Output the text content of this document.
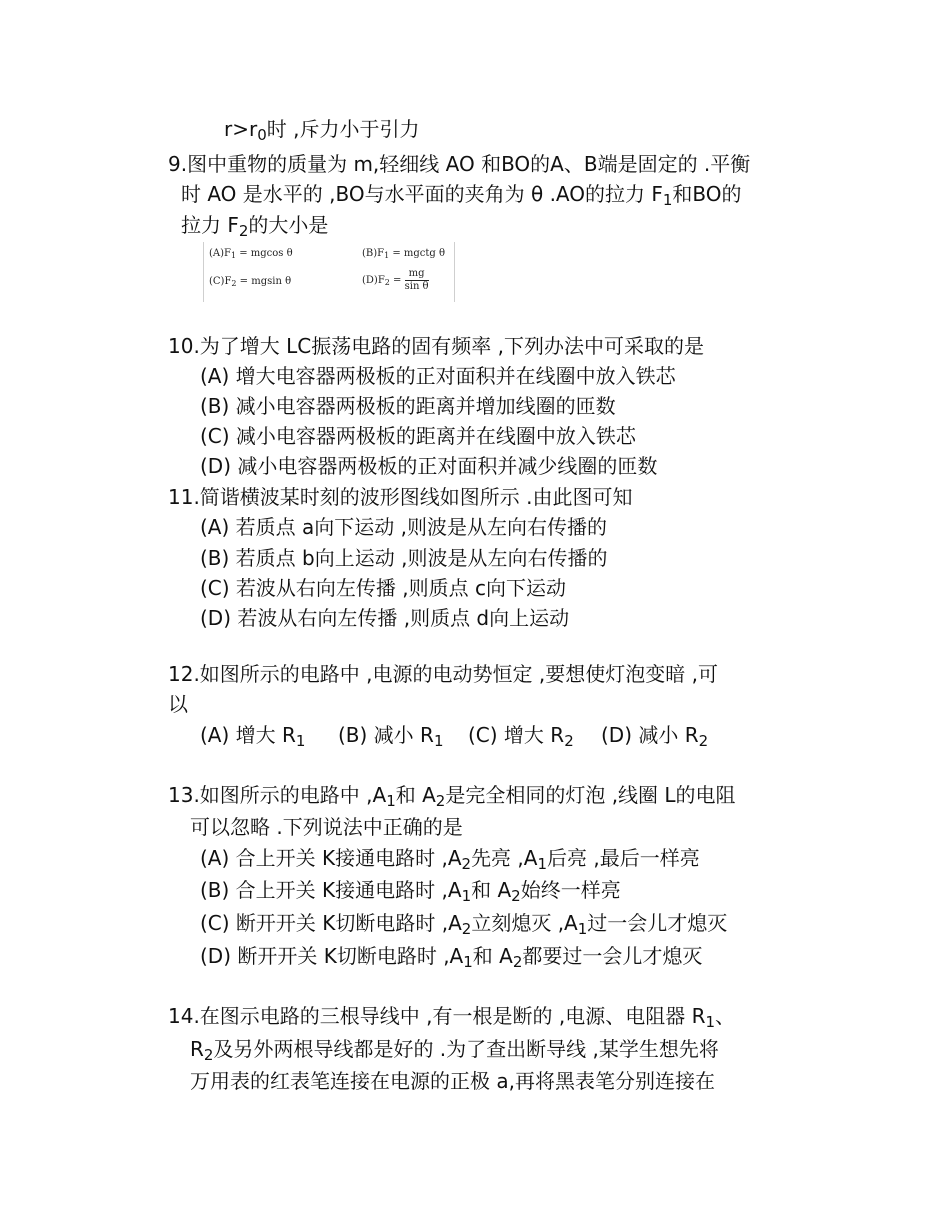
$r>r_0$时 ,斥力小于引力
9.图中重物的质量为 m,轻细线 AO 和BO的A、B端是固定的 .平衡
时 AO 是水平的 ,BO与水平面的夹角为 θ .AO的拉力 $F_1$和BO的
拉力 $F_2$的大小是
$(A)F_1 = mgcos$ θ	$(B)F_1$ = mgctg θ
$(C)F_2 = mgsin$ θ	$(D)F_2 = \frac{mg}{\text{sin θ}}$
10.为了增大 LC振荡电路的固有频率 ,下列办法中可采取的是
(A) 增大电容器两极板的正对面积并在线圈中放入铁芯
(B) 减小电容器两极板的距离并增加线圈的匝数
(C) 减小电容器两极板的距离并在线圈中放入铁芯
(D) 减小电容器两极板的正对面积并减少线圈的匝数
11.简谐横波某时刻的波形图线如图所示 .由此图可知
(A) 若质点 a向下运动 ,则波是从左向右传播的
(B) 若质点 b向上运动 ,则波是从左向右传播的
(C) 若波从右向左传播 ,则质点 c向下运动
(D) 若波从右向左传播 ,则质点 d向上运动
12.如图所示的电路中 ,电源的电动势恒定 ,要想使灯泡变暗 ,可
以
(A) 增大 $R_1$ (B) 减小 $R_1$ (C) 增大 $R_2$ (D) 减小 $R_2$
13.如图所示的电路中 $,A_1$和 $A_2$是完全相同的灯泡 ,线圈 L的电阻
可以忽略 .下列说法中正确的是
(A) 合上开关 K接通电路时 $,A_2$先亮 $,A_1$后亮 ,最后一样亮
(B) 合上开关 K接通电路时 $,A_1$和 $A_2$始终一样亮
(C) 断开开关 K切断电路时 $,A_2$立刻熄灭 $,A_1$过一会儿才熄灭
(D) 断开开关 K切断电路时 $,A_1$和 $A_2$都要过一会儿才熄灭
14.在图示电路的三根导线中 ,有一根是断的 ,电源、电阻器 $R_1$、
$R_2$及另外两根导线都是好的 .为了查出断导线 ,某学生想先将
万用表的红表笔连接在电源的正极 a,再将黑表笔分别连接在
